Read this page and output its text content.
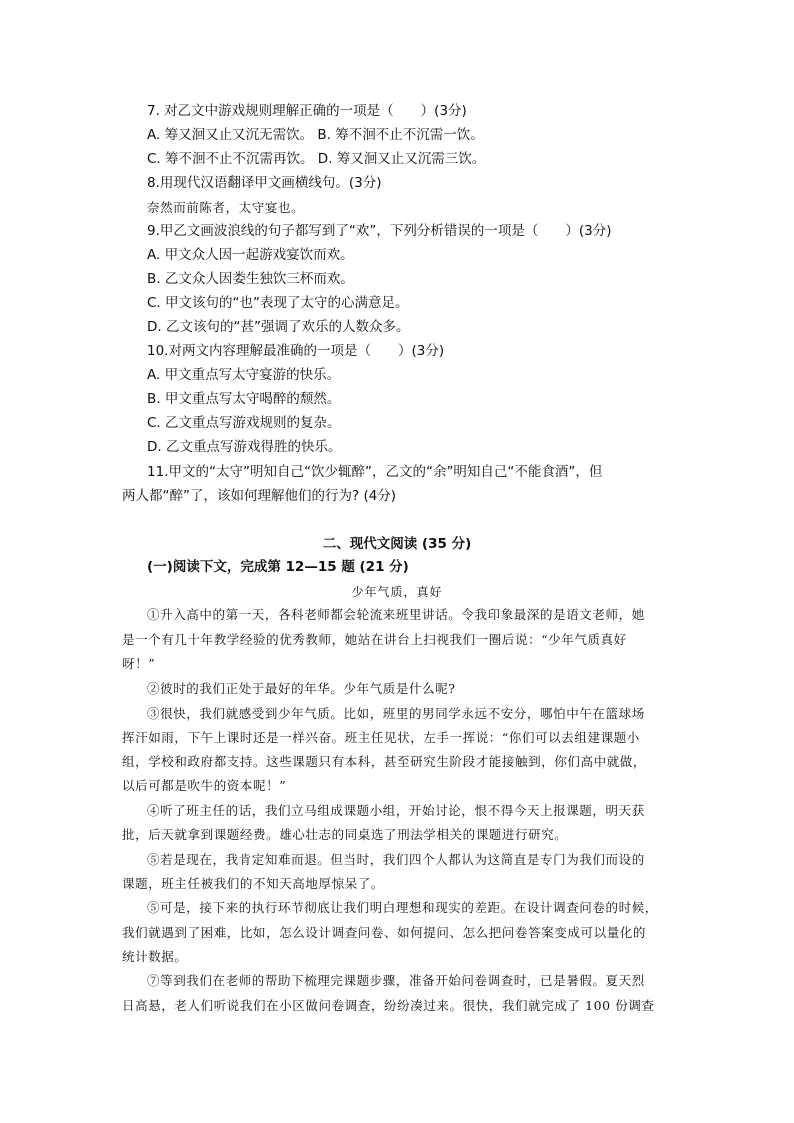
7. 对乙文中游戏规则理解正确的一项是（　　）(3分)
A. 筹又洄又止又沉无需饮。 B. 筹不洄不止不沉需一饮。
C. 筹不洄不止不沉需再饮。 D. 筹又洄又止又沉需三饮。
8.用现代汉语翻译甲文画横线句。(3分)
奈然而前陈者，太守宴也。
9.甲乙文画波浪线的句子都写到了“欢”，下列分析错误的一项是（　　）(3分)
A. 甲文众人因一起游戏宴饮而欢。
B. 乙文众人因娄生独饮三杯而欢。
C. 甲文该句的“也”表现了太守的心满意足。
D. 乙文该句的“甚”强调了欢乐的人数众多。
10.对两文内容理解最准确的一项是（　　）(3分)
A. 甲文重点写太守宴游的快乐。
B. 甲文重点写太守喝醉的颓然。
C. 乙文重点写游戏规则的复杂。
D. 乙文重点写游戏得胜的快乐。
11.甲文的“太守”明知自己“饮少辄醉”，乙文的“余”明知自己“不能食酒”，但
两人都“醉”了，该如何理解他们的行为? (4分)
二、现代文阅读 (35 分)
(一)阅读下文，完成第 12—15 题 (21 分)
少年气质，真好
①升入高中的第一天，各科老师都会轮流来班里讲话。令我印象最深的是语文老师，她
是一个有几十年教学经验的优秀教师，她站在讲台上扫视我们一圈后说：“少年气质真好
呀！”
②彼时的我们正处于最好的年华。少年气质是什么呢?
③很快，我们就感受到少年气质。比如，班里的男同学永远不安分，哪怕中午在篮球场
挥汗如雨，下午上课时还是一样兴奋。班主任见状，左手一挥说：“你们可以去组建课题小
组，学校和政府都支持。这些课题只有本科，甚至研究生阶段才能接触到，你们高中就做，
以后可都是吹牛的资本呢！”
④听了班主任的话，我们立马组成课题小组，开始讨论，恨不得今天上报课题，明天获
批，后天就拿到课题经费。雄心壮志的同桌选了刑法学相关的课题进行研究。
⑤若是现在，我肯定知难而退。但当时，我们四个人都认为这简直是专门为我们而设的
课题，班主任被我们的不知天高地厚惊呆了。
⑤可是，接下来的执行环节彻底让我们明白理想和现实的差距。在设计调查问卷的时候，
我们就遇到了困难，比如，怎么设计调查问卷、如何提问、怎么把问卷答案变成可以量化的
统计数据。
⑦等到我们在老师的帮助下梳理完课题步骤，准备开始问卷调查时，已是暑假。夏天烈
日高悬，老人们听说我们在小区做问卷调查，纷纷凑过来。很快，我们就完成了 100 份调查
